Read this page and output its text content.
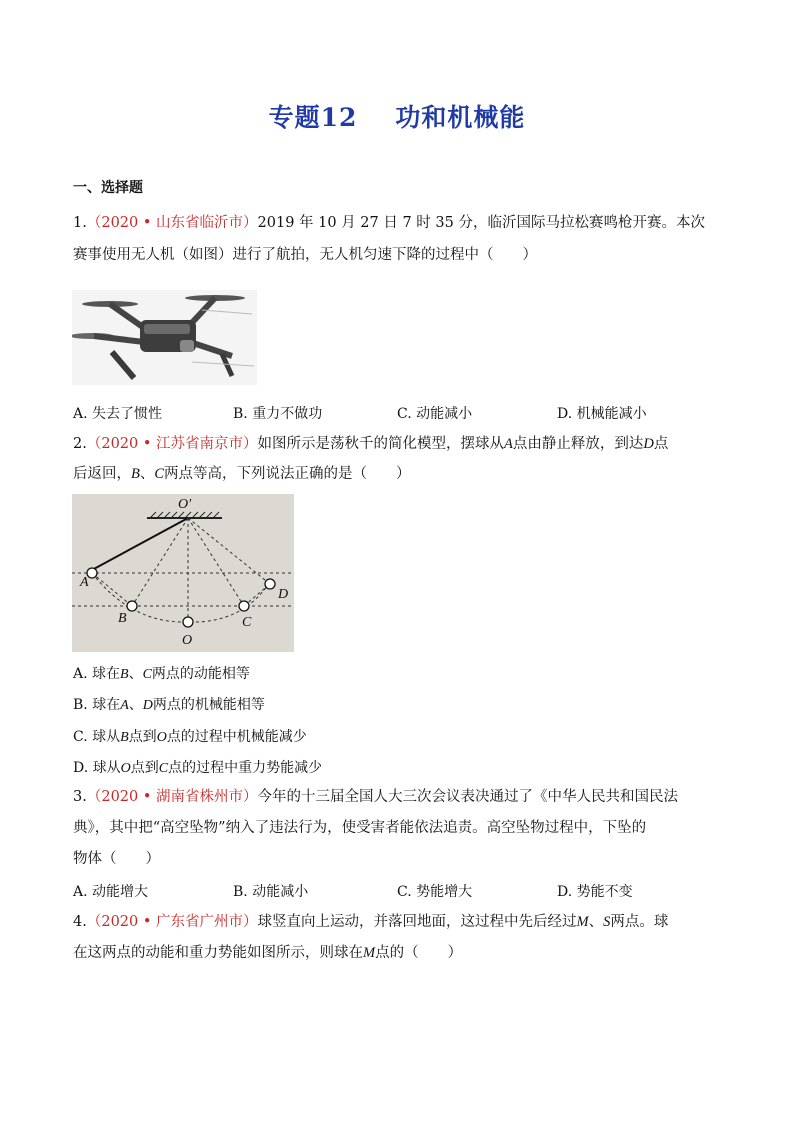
专题12 功和机械能
一、选择题
1.（2020 • 山东省临沂市）2019 年 10 月 27 日 7 时 35 分，临沂国际马拉松赛鸣枪开赛。本次
赛事使用无人机（如图）进行了航拍，无人机匀速下降的过程中（　　）
A. 失去了惯性	B. 重力不做功	C. 动能减小	D. 机械能减小
2.（2020 • 江苏省南京市）如图所示是荡秋千的简化模型，摆球从A点由静止释放，到达D点
后返回，B、C两点等高，下列说法正确的是（　　）
O′
A
B
O
C
D
A. 球在B、C两点的动能相等
B. 球在A、D两点的机械能相等
C. 球从B点到O点的过程中机械能减少
D. 球从O点到C点的过程中重力势能减少
3.（2020 • 湖南省株州市）今年的十三届全国人大三次会议表决通过了《中华人民共和国民法
典》，其中把“高空坠物”纳入了违法行为，使受害者能依法追责。高空坠物过程中，下坠的
物体（　　）
A. 动能增大	B. 动能减小	C. 势能增大	D. 势能不变
4.（2020 • 广东省广州市）球竖直向上运动，并落回地面，这过程中先后经过M、S两点。球
在这两点的动能和重力势能如图所示，则球在M点的（　　）
